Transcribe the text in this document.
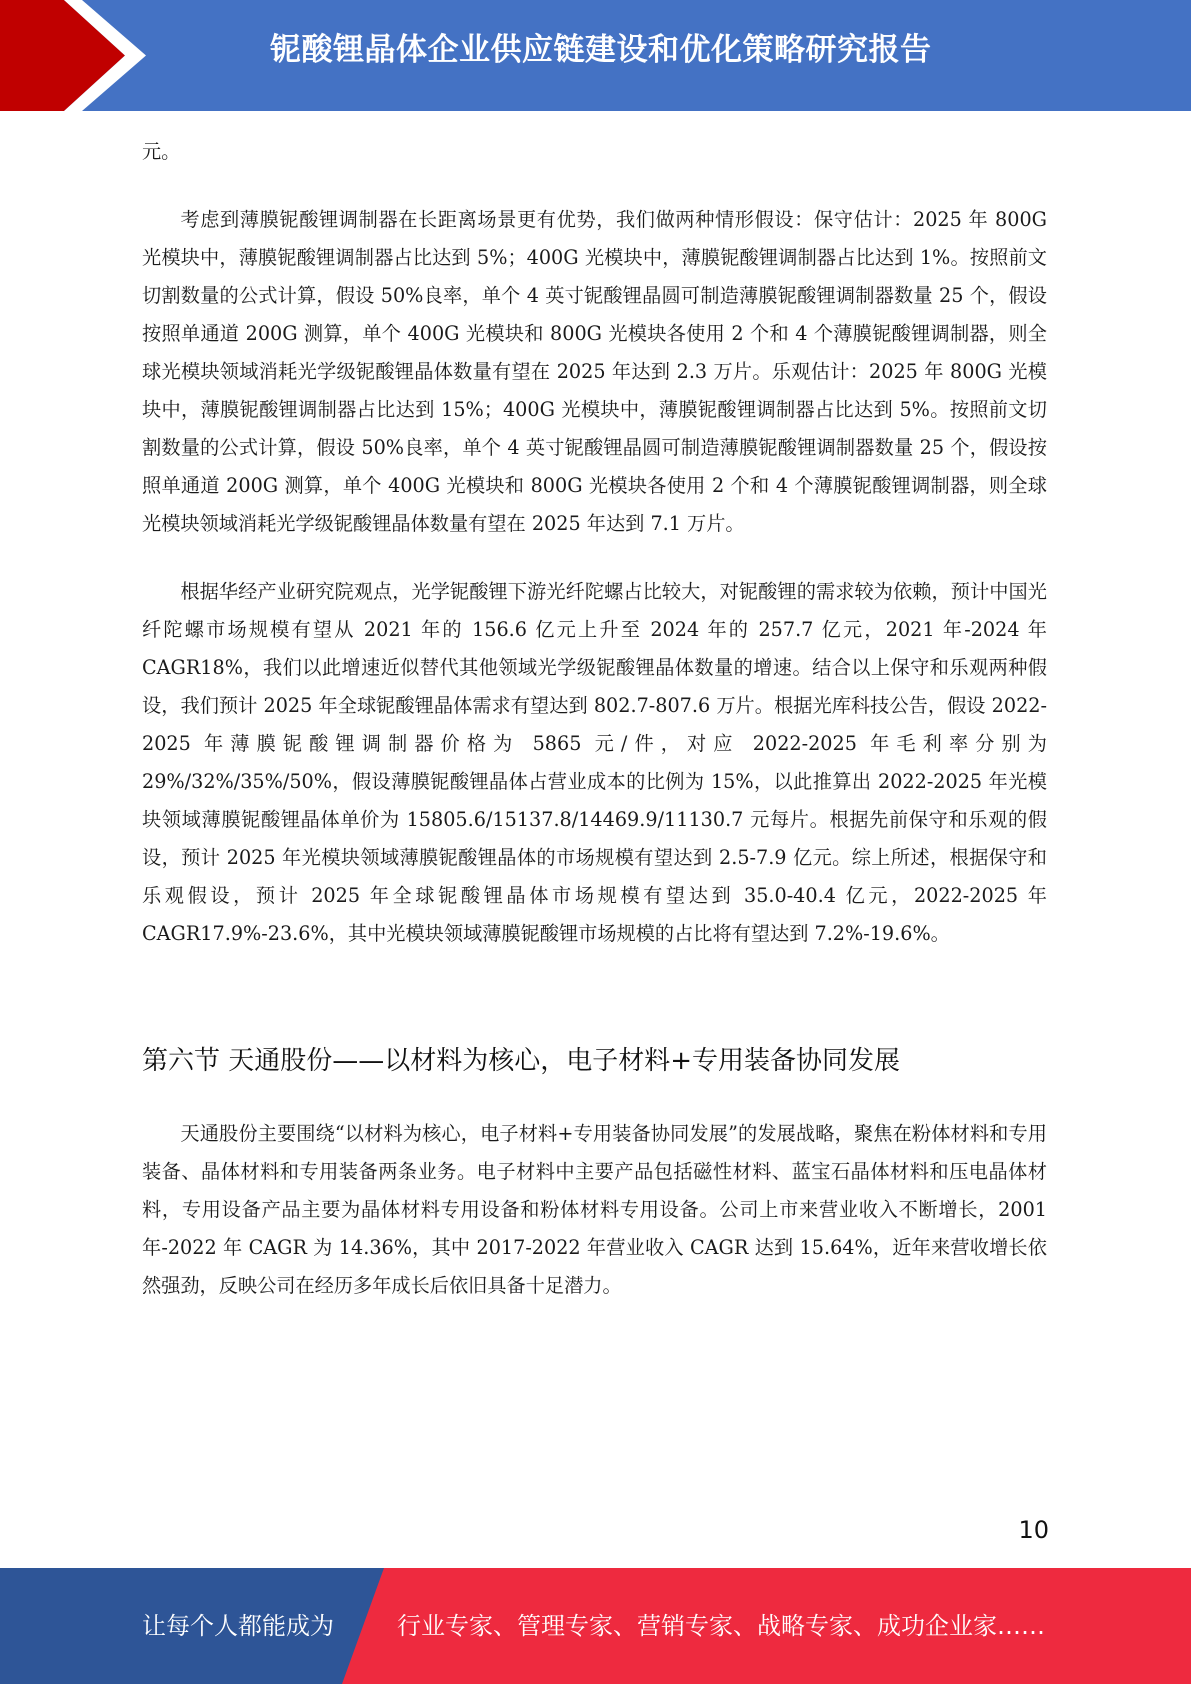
铌酸锂晶体企业供应链建设和优化策略研究报告

元。

考虑到薄膜铌酸锂调制器在长距离场景更有优势，我们做两种情形假设：保守估计：2025 年 800G 光模块中，薄膜铌酸锂调制器占比达到 5%；400G 光模块中，薄膜铌酸锂调制器占比达到 1%。按照前文切割数量的公式计算，假设 50%良率，单个 4 英寸铌酸锂晶圆可制造薄膜铌酸锂调制器数量 25 个，假设按照单通道 200G 测算，单个 400G 光模块和 800G 光模块各使用 2 个和 4 个薄膜铌酸锂调制器，则全球光模块领域消耗光学级铌酸锂晶体数量有望在 2025 年达到 2.3 万片。乐观估计：2025 年 800G 光模块中，薄膜铌酸锂调制器占比达到 15%；400G 光模块中，薄膜铌酸锂调制器占比达到 5%。按照前文切割数量的公式计算，假设 50%良率，单个 4 英寸铌酸锂晶圆可制造薄膜铌酸锂调制器数量 25 个，假设按照单通道 200G 测算，单个 400G 光模块和 800G 光模块各使用 2 个和 4 个薄膜铌酸锂调制器，则全球光模块领域消耗光学级铌酸锂晶体数量有望在 2025 年达到 7.1 万片。

根据华经产业研究院观点，光学铌酸锂下游光纤陀螺占比较大，对铌酸锂的需求较为依赖，预计中国光纤陀螺市场规模有望从 2021 年的 156.6 亿元上升至 2024 年的 257.7 亿元，2021 年-2024 年 CAGR18%，我们以此增速近似替代其他领域光学级铌酸锂晶体数量的增速。结合以上保守和乐观两种假设，我们预计 2025 年全球铌酸锂晶体需求有望达到 802.7-807.6 万片。根据光库科技公告，假设 2022-2025 年薄膜铌酸锂调制器价格为 5865 元/件，对应 2022-2025 年毛利率分别为 29%/32%/35%/50%，假设薄膜铌酸锂晶体占营业成本的比例为 15%，以此推算出 2022-2025 年光模块领域薄膜铌酸锂晶体单价为 15805.6/15137.8/14469.9/11130.7 元每片。根据先前保守和乐观的假设，预计 2025 年光模块领域薄膜铌酸锂晶体的市场规模有望达到 2.5-7.9 亿元。综上所述，根据保守和乐观假设，预计 2025 年全球铌酸锂晶体市场规模有望达到 35.0-40.4 亿元，2022-2025 年 CAGR17.9%-23.6%，其中光模块领域薄膜铌酸锂市场规模的占比将有望达到 7.2%-19.6%。

第六节 天通股份——以材料为核心，电子材料+专用装备协同发展

天通股份主要围绕“以材料为核心，电子材料+专用装备协同发展”的发展战略，聚焦在粉体材料和专用装备、晶体材料和专用装备两条业务。电子材料中主要产品包括磁性材料、蓝宝石晶体材料和压电晶体材料，专用设备产品主要为晶体材料专用设备和粉体材料专用设备。公司上市来营业收入不断增长，2001 年-2022 年 CAGR 为 14.36%，其中 2017-2022 年营业收入 CAGR 达到 15.64%，近年来营收增长依然强劲，反映公司在经历多年成长后依旧具备十足潜力。

10
让每个人都能成为	行业专家、管理专家、营销专家、战略专家、成功企业家……
